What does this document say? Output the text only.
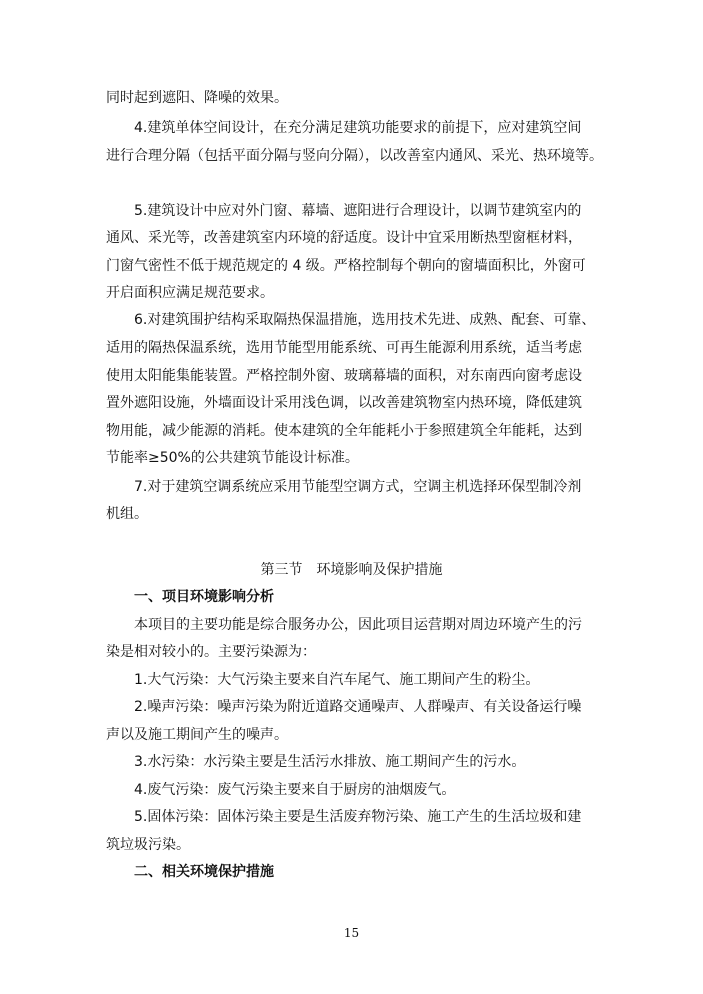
同时起到遮阳、降噪的效果。
4.建筑单体空间设计，在充分满足建筑功能要求的前提下，应对建筑空间
进行合理分隔（包括平面分隔与竖向分隔），以改善室内通风、采光、热环境等。
5.建筑设计中应对外门窗、幕墙、遮阳进行合理设计，以调节建筑室内的
通风、采光等，改善建筑室内环境的舒适度。设计中宜采用断热型窗框材料，
门窗气密性不低于规范规定的 4 级。严格控制每个朝向的窗墙面积比，外窗可
开启面积应满足规范要求。
6.对建筑围护结构采取隔热保温措施，选用技术先进、成熟、配套、可靠、
适用的隔热保温系统，选用节能型用能系统、可再生能源利用系统，适当考虑
使用太阳能集能装置。严格控制外窗、玻璃幕墙的面积，对东南西向窗考虑设
置外遮阳设施，外墙面设计采用浅色调，以改善建筑物室内热环境，降低建筑
物用能，减少能源的消耗。使本建筑的全年能耗小于参照建筑全年能耗，达到
节能率≥50%的公共建筑节能设计标准。
7.对于建筑空调系统应采用节能型空调方式，空调主机选择环保型制冷剂
机组。
第三节　环境影响及保护措施
一、项目环境影响分析
本项目的主要功能是综合服务办公，因此项目运营期对周边环境产生的污
染是相对较小的。主要污染源为：
1.大气污染：大气污染主要来自汽车尾气、施工期间产生的粉尘。
2.噪声污染：噪声污染为附近道路交通噪声、人群噪声、有关设备运行噪
声以及施工期间产生的噪声。
3.水污染：水污染主要是生活污水排放、施工期间产生的污水。
4.废气污染：废气污染主要来自于厨房的油烟废气。
5.固体污染：固体污染主要是生活废弃物污染、施工产生的生活垃圾和建
筑垃圾污染。
二、相关环境保护措施
15
